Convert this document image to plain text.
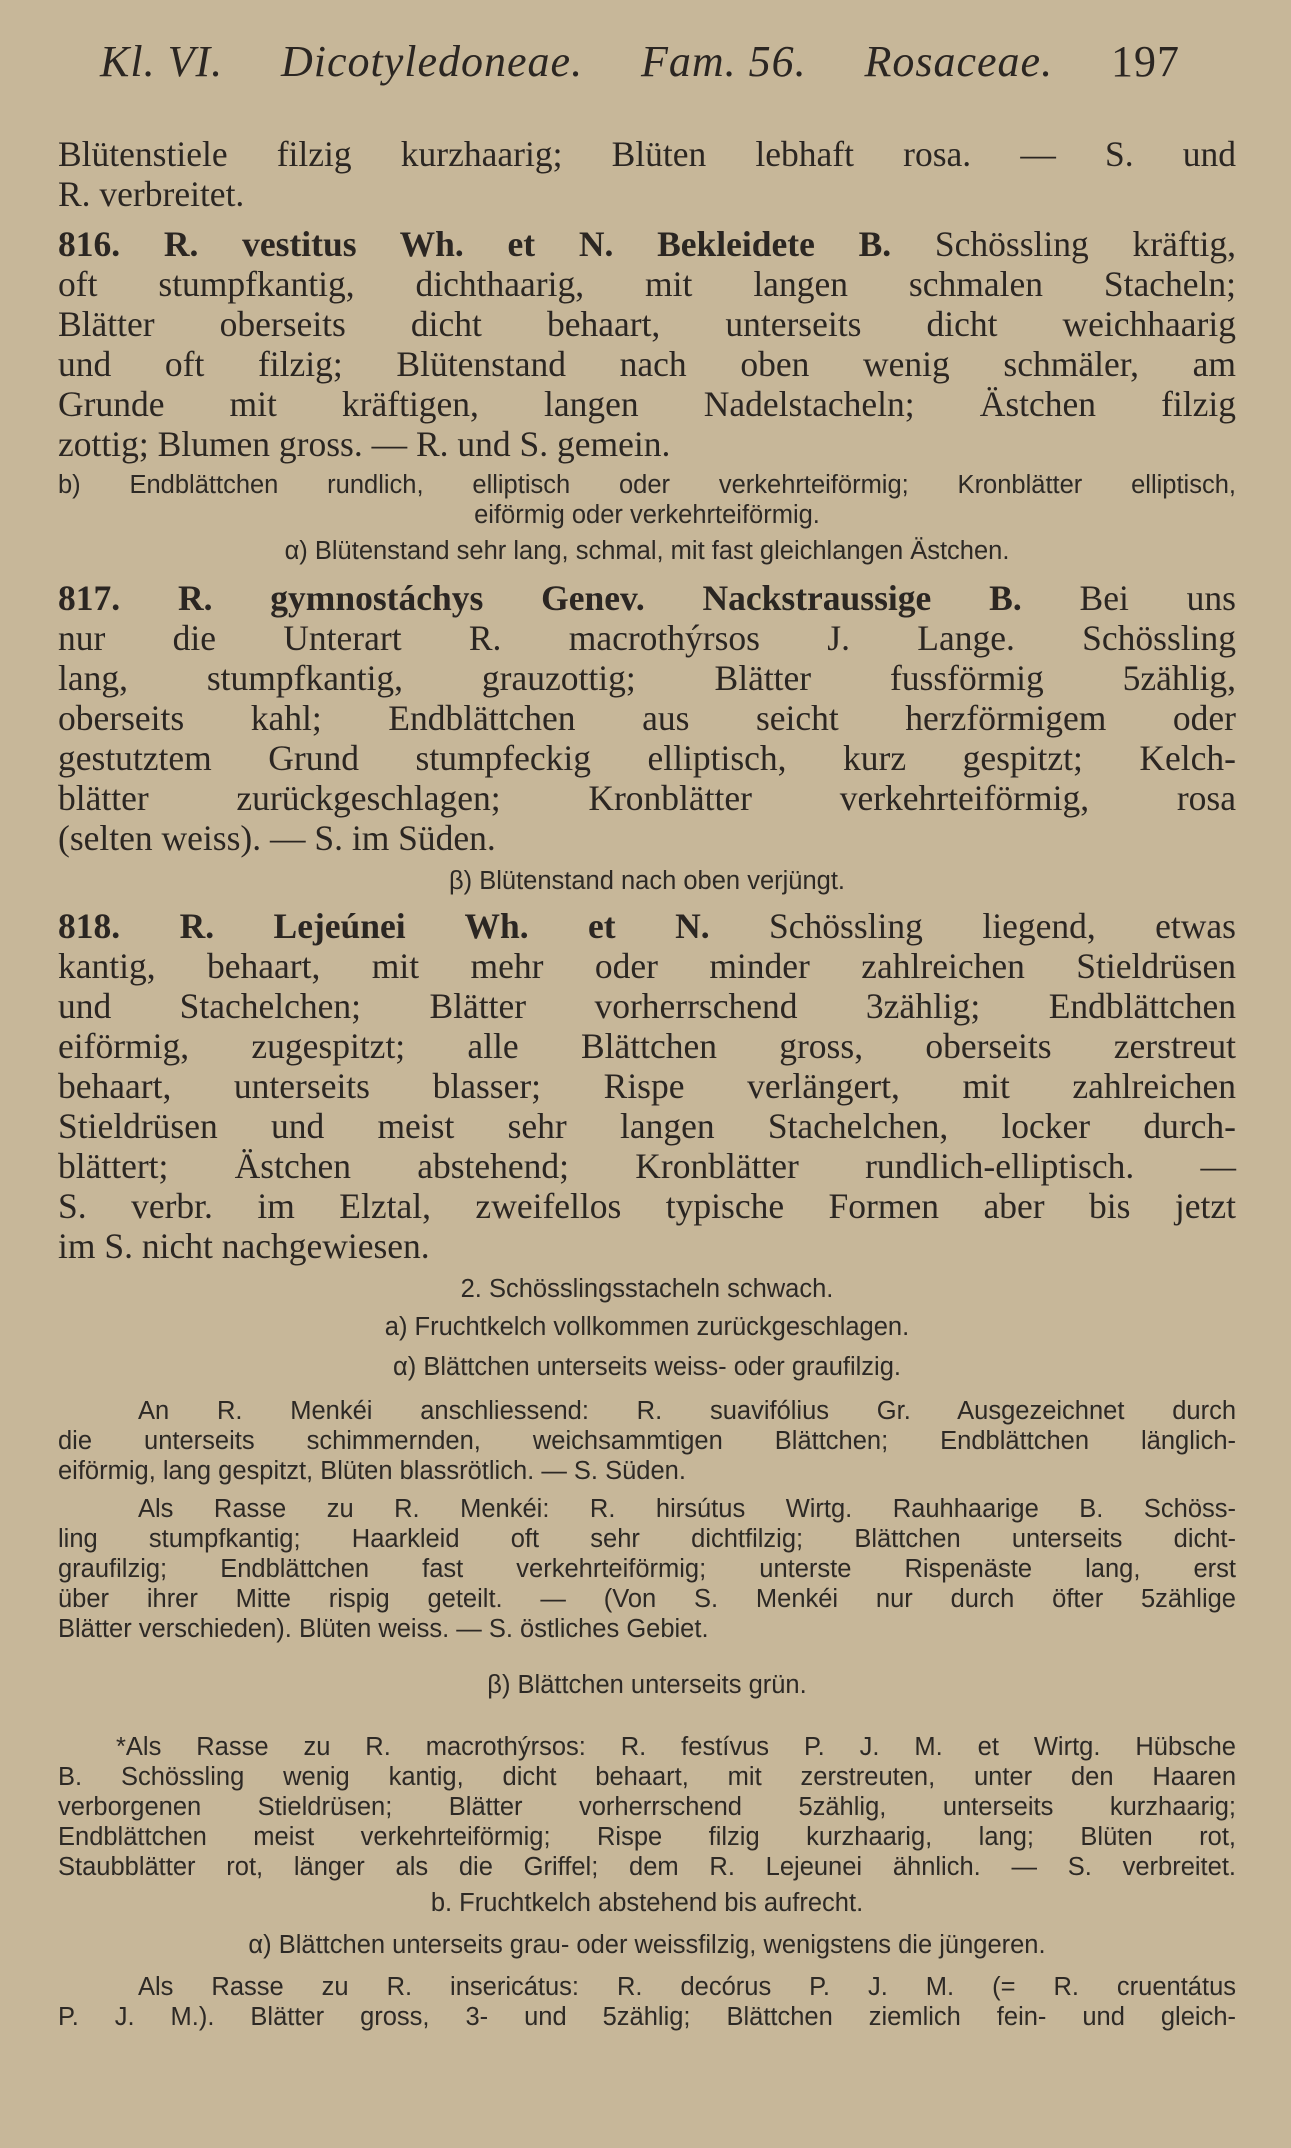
Kl. VI. Dicotyledoneae. Fam. 56. Rosaceae. 197
Blütenstiele filzig kurzhaarig; Blüten lebhaft rosa. — S. und
R. verbreitet.
816. R. vestitus Wh. et N. Bekleidete B. Schössling kräftig,
oft stumpfkantig, dichthaarig, mit langen schmalen Stacheln;
Blätter oberseits dicht behaart, unterseits dicht weichhaarig
und oft filzig; Blütenstand nach oben wenig schmäler, am
Grunde mit kräftigen, langen Nadelstacheln; Ästchen filzig
zottig; Blumen gross. — R. und S. gemein.
b) Endblättchen rundlich, elliptisch oder verkehrteiförmig; Kronblätter elliptisch,
eiförmig oder verkehrteiförmig.
α) Blütenstand sehr lang, schmal, mit fast gleichlangen Ästchen.
817. R. gymnostáchys Genev. Nackstraussige B. Bei uns
nur die Unterart R. macrothýrsos J. Lange. Schössling
lang, stumpfkantig, grauzottig; Blätter fussförmig 5zählig,
oberseits kahl; Endblättchen aus seicht herzförmigem oder
gestutztem Grund stumpfeckig elliptisch, kurz gespitzt; Kelch-
blätter zurückgeschlagen; Kronblätter verkehrteiförmig, rosa
(selten weiss). — S. im Süden.
β) Blütenstand nach oben verjüngt.
818. R. Lejeúnei Wh. et N. Schössling liegend, etwas
kantig, behaart, mit mehr oder minder zahlreichen Stieldrüsen
und Stachelchen; Blätter vorherrschend 3zählig; Endblättchen
eiförmig, zugespitzt; alle Blättchen gross, oberseits zerstreut
behaart, unterseits blasser; Rispe verlängert, mit zahlreichen
Stieldrüsen und meist sehr langen Stachelchen, locker durch-
blättert; Ästchen abstehend; Kronblätter rundlich-elliptisch. —
S. verbr. im Elztal, zweifellos typische Formen aber bis jetzt
im S. nicht nachgewiesen.
2. Schösslingsstacheln schwach.
a) Fruchtkelch vollkommen zurückgeschlagen.
α) Blättchen unterseits weiss- oder graufilzig.
An R. Menkéi anschliessend: R. suavifólius Gr. Ausgezeichnet durch
die unterseits schimmernden, weichsammtigen Blättchen; Endblättchen länglich-
eiförmig, lang gespitzt, Blüten blassrötlich. — S. Süden.
Als Rasse zu R. Menkéi: R. hirsútus Wirtg. Rauhhaarige B. Schöss-
ling stumpfkantig; Haarkleid oft sehr dichtfilzig; Blättchen unterseits dicht-
graufilzig; Endblättchen fast verkehrteiförmig; unterste Rispenäste lang, erst
über ihrer Mitte rispig geteilt. — (Von S. Menkéi nur durch öfter 5zählige
Blätter verschieden). Blüten weiss. — S. östliches Gebiet.
β) Blättchen unterseits grün.
*Als Rasse zu R. macrothýrsos: R. festívus P. J. M. et Wirtg. Hübsche
B. Schössling wenig kantig, dicht behaart, mit zerstreuten, unter den Haaren
verborgenen Stieldrüsen; Blätter vorherrschend 5zählig, unterseits kurzhaarig;
Endblättchen meist verkehrteiförmig; Rispe filzig kurzhaarig, lang; Blüten rot,
Staubblätter rot, länger als die Griffel; dem R. Lejeunei ähnlich. — S. verbreitet.
b. Fruchtkelch abstehend bis aufrecht.
α) Blättchen unterseits grau- oder weissfilzig, wenigstens die jüngeren.
Als Rasse zu R. insericátus: R. decórus P. J. M. (= R. cruentátus
P. J. M.). Blätter gross, 3- und 5zählig; Blättchen ziemlich fein- und gleich-
